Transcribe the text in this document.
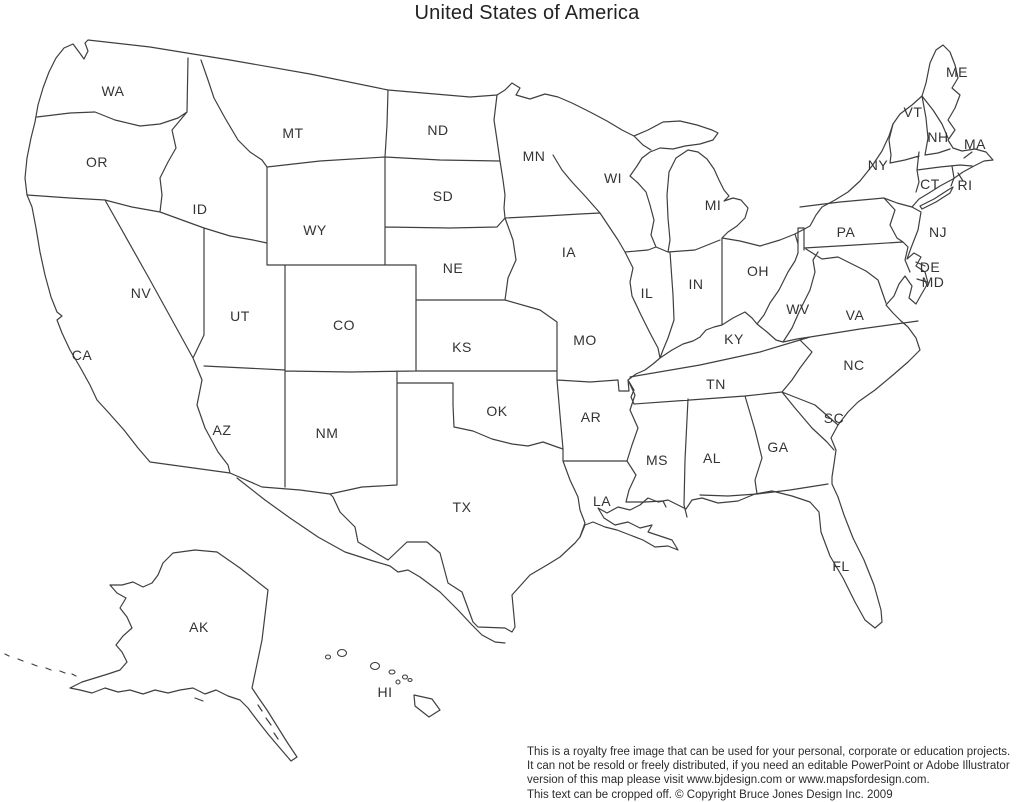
United States of America
WA
OR
ID
MT
WY
NV
UT
CO
CA
AZ	NM
ND
SD
NE
KS
MN
IA
MO
WI
IL
IN
OH
MI
KY
TN
MS AL
GA
SC
NC
FL
TX
OK	AR
LA
NY
PA
VT
NH
ME
MA
CT RI
NJ
DE
MD
WV	VA
AK
HI
This is a royalty free image that can be used for your personal, corporate or education projects.
It can not be resold or freely distributed, if you need an editable PowerPoint or Adobe Illustrator
version of this map please visit www.bjdesign.com or www.mapsfordesign.com.
This text can be cropped off. © Copyright Bruce Jones Design Inc. 2009
